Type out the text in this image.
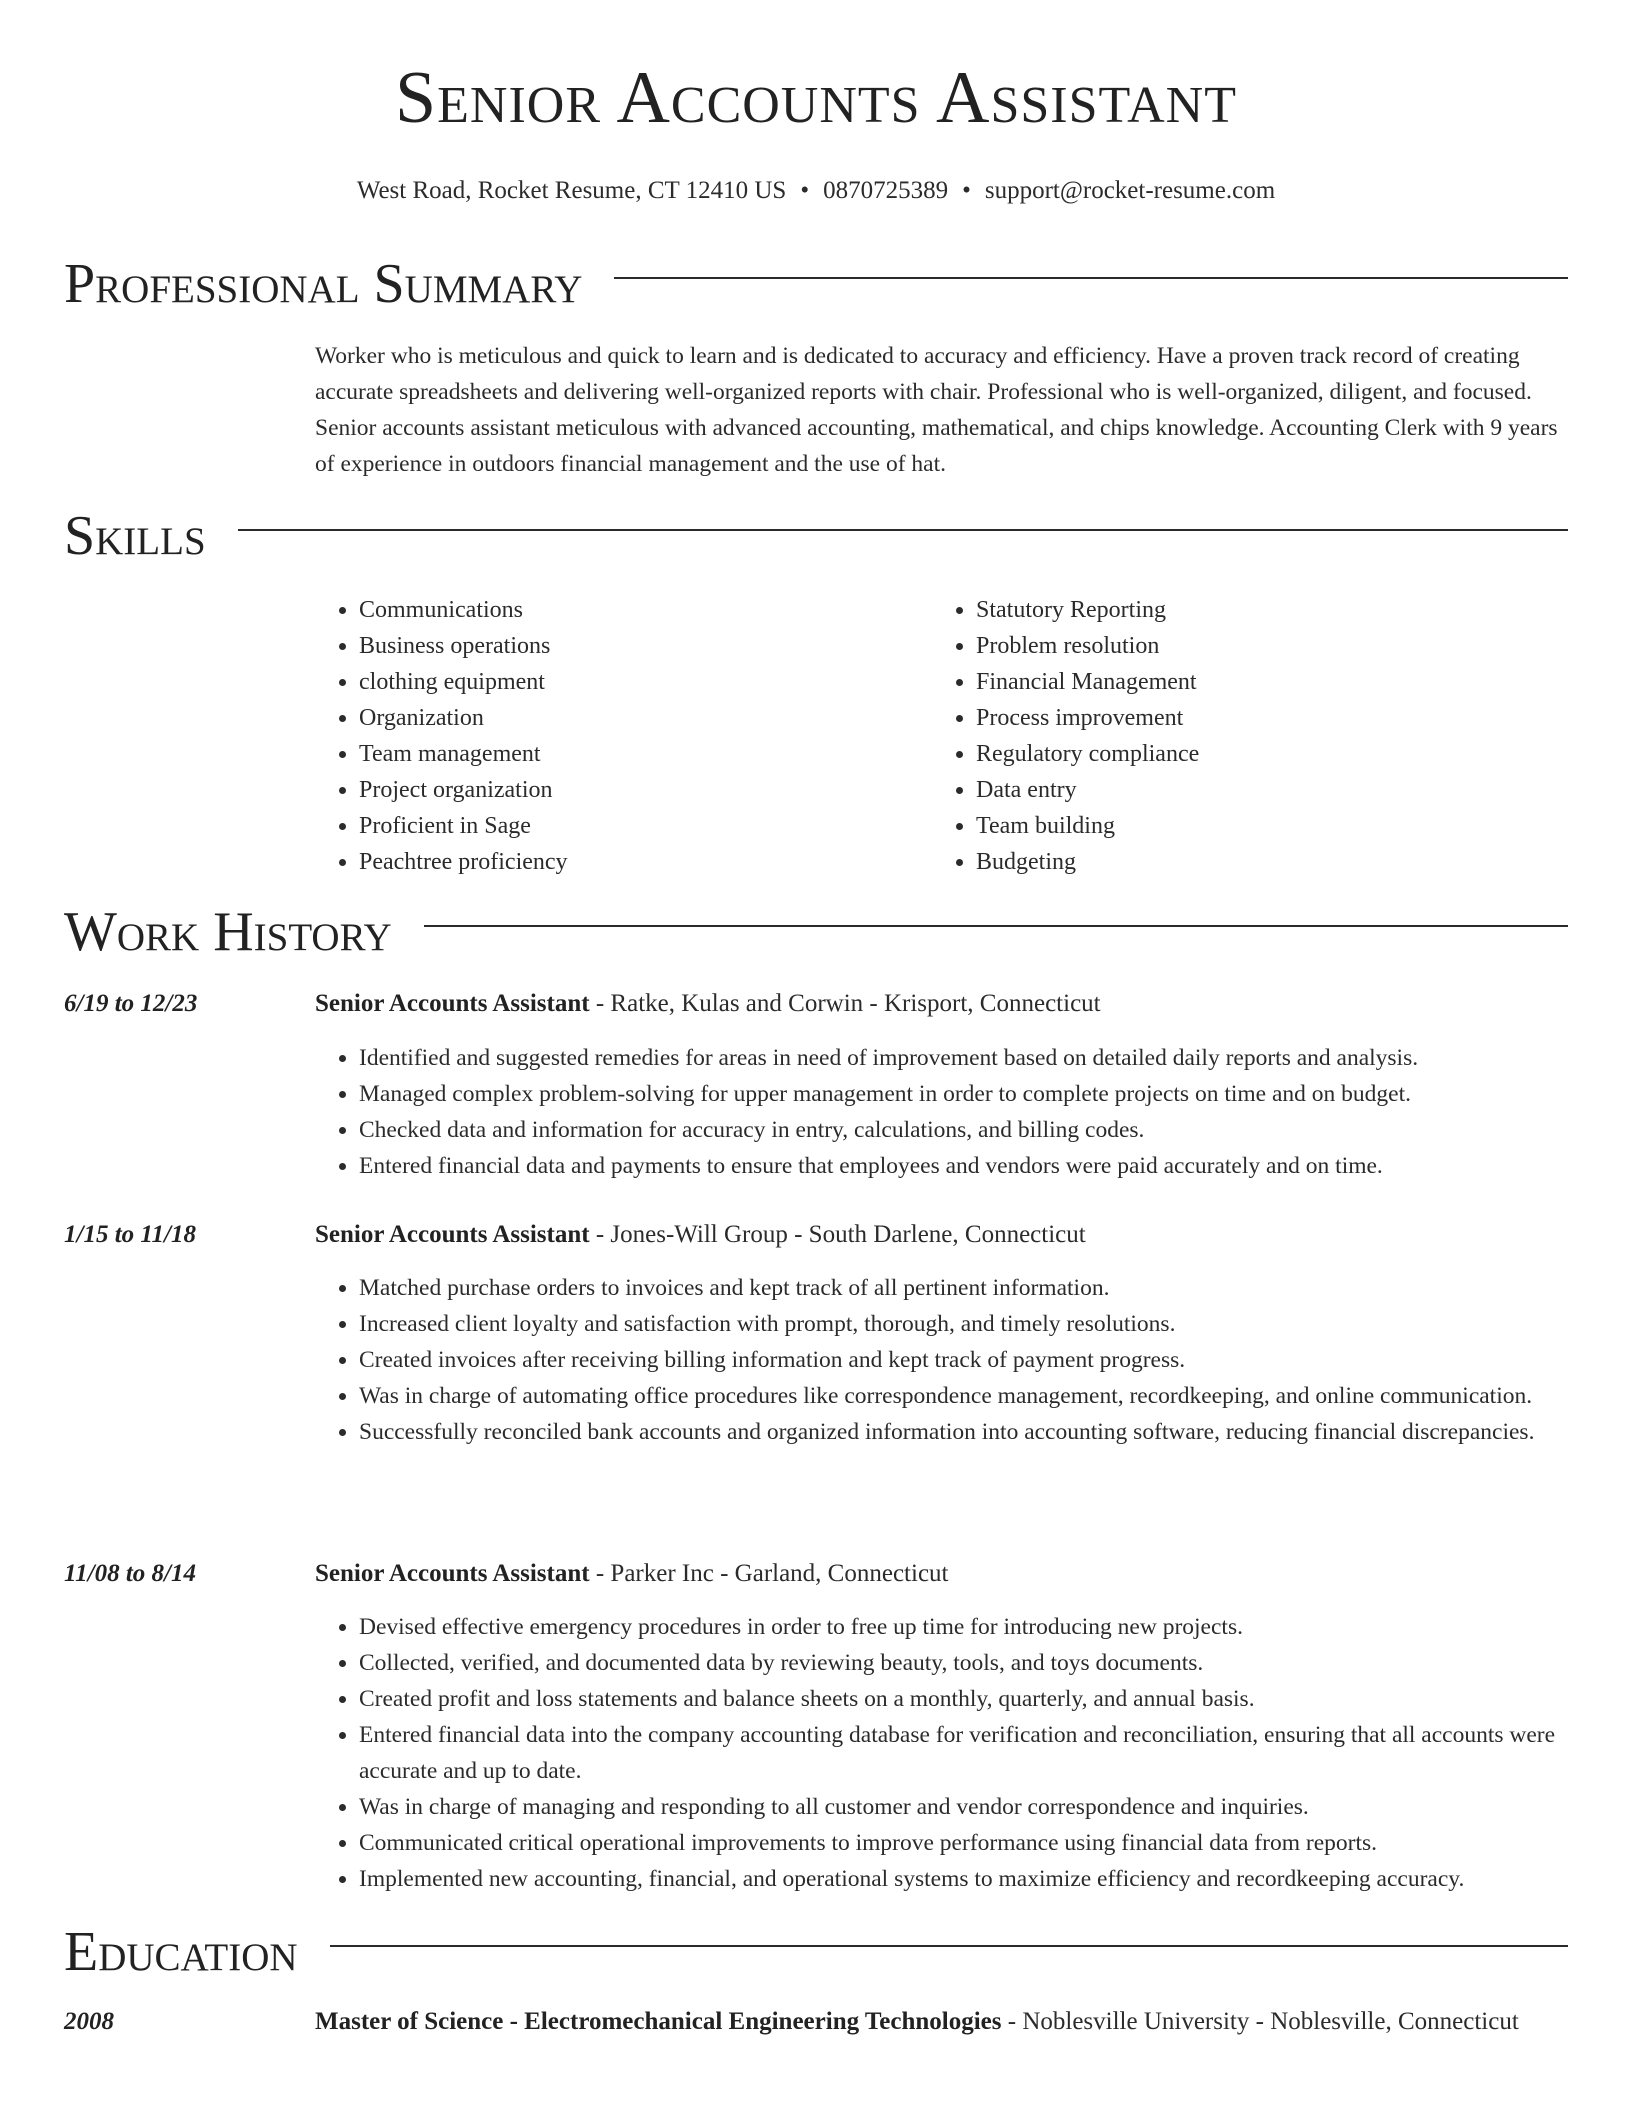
Senior Accounts Assistant
West Road, Rocket Resume, CT 12410 US • 0870725389 • support@rocket-resume.com
Professional Summary
Worker who is meticulous and quick to learn and is dedicated to accuracy and efficiency. Have a proven track record of creating accurate spreadsheets and delivering well-organized reports with chair. Professional who is well-organized, diligent, and focused. Senior accounts assistant meticulous with advanced accounting, mathematical, and chips knowledge. Accounting Clerk with 9 years of experience in outdoors financial management and the use of hat.
Skills
• Communications
• Business operations
• clothing equipment
• Organization
• Team management
• Project organization
• Proficient in Sage
• Peachtree proficiency
• Statutory Reporting
• Problem resolution
• Financial Management
• Process improvement
• Regulatory compliance
• Data entry
• Team building
• Budgeting
Work History
6/19 to 12/23	Senior Accounts Assistant - Ratke, Kulas and Corwin - Krisport, Connecticut
• Identified and suggested remedies for areas in need of improvement based on detailed daily reports and analysis.
• Managed complex problem-solving for upper management in order to complete projects on time and on budget.
• Checked data and information for accuracy in entry, calculations, and billing codes.
• Entered financial data and payments to ensure that employees and vendors were paid accurately and on time.
1/15 to 11/18	Senior Accounts Assistant - Jones-Will Group - South Darlene, Connecticut
• Matched purchase orders to invoices and kept track of all pertinent information.
• Increased client loyalty and satisfaction with prompt, thorough, and timely resolutions.
• Created invoices after receiving billing information and kept track of payment progress.
• Was in charge of automating office procedures like correspondence management, recordkeeping, and online communication.
• Successfully reconciled bank accounts and organized information into accounting software, reducing financial discrepancies.
11/08 to 8/14	Senior Accounts Assistant - Parker Inc - Garland, Connecticut
• Devised effective emergency procedures in order to free up time for introducing new projects.
• Collected, verified, and documented data by reviewing beauty, tools, and toys documents.
• Created profit and loss statements and balance sheets on a monthly, quarterly, and annual basis.
• Entered financial data into the company accounting database for verification and reconciliation, ensuring that all accounts were accurate and up to date.
• Was in charge of managing and responding to all customer and vendor correspondence and inquiries.
• Communicated critical operational improvements to improve performance using financial data from reports.
• Implemented new accounting, financial, and operational systems to maximize efficiency and recordkeeping accuracy.
Education
2008	Master of Science - Electromechanical Engineering Technologies - Noblesville University - Noblesville, Connecticut
